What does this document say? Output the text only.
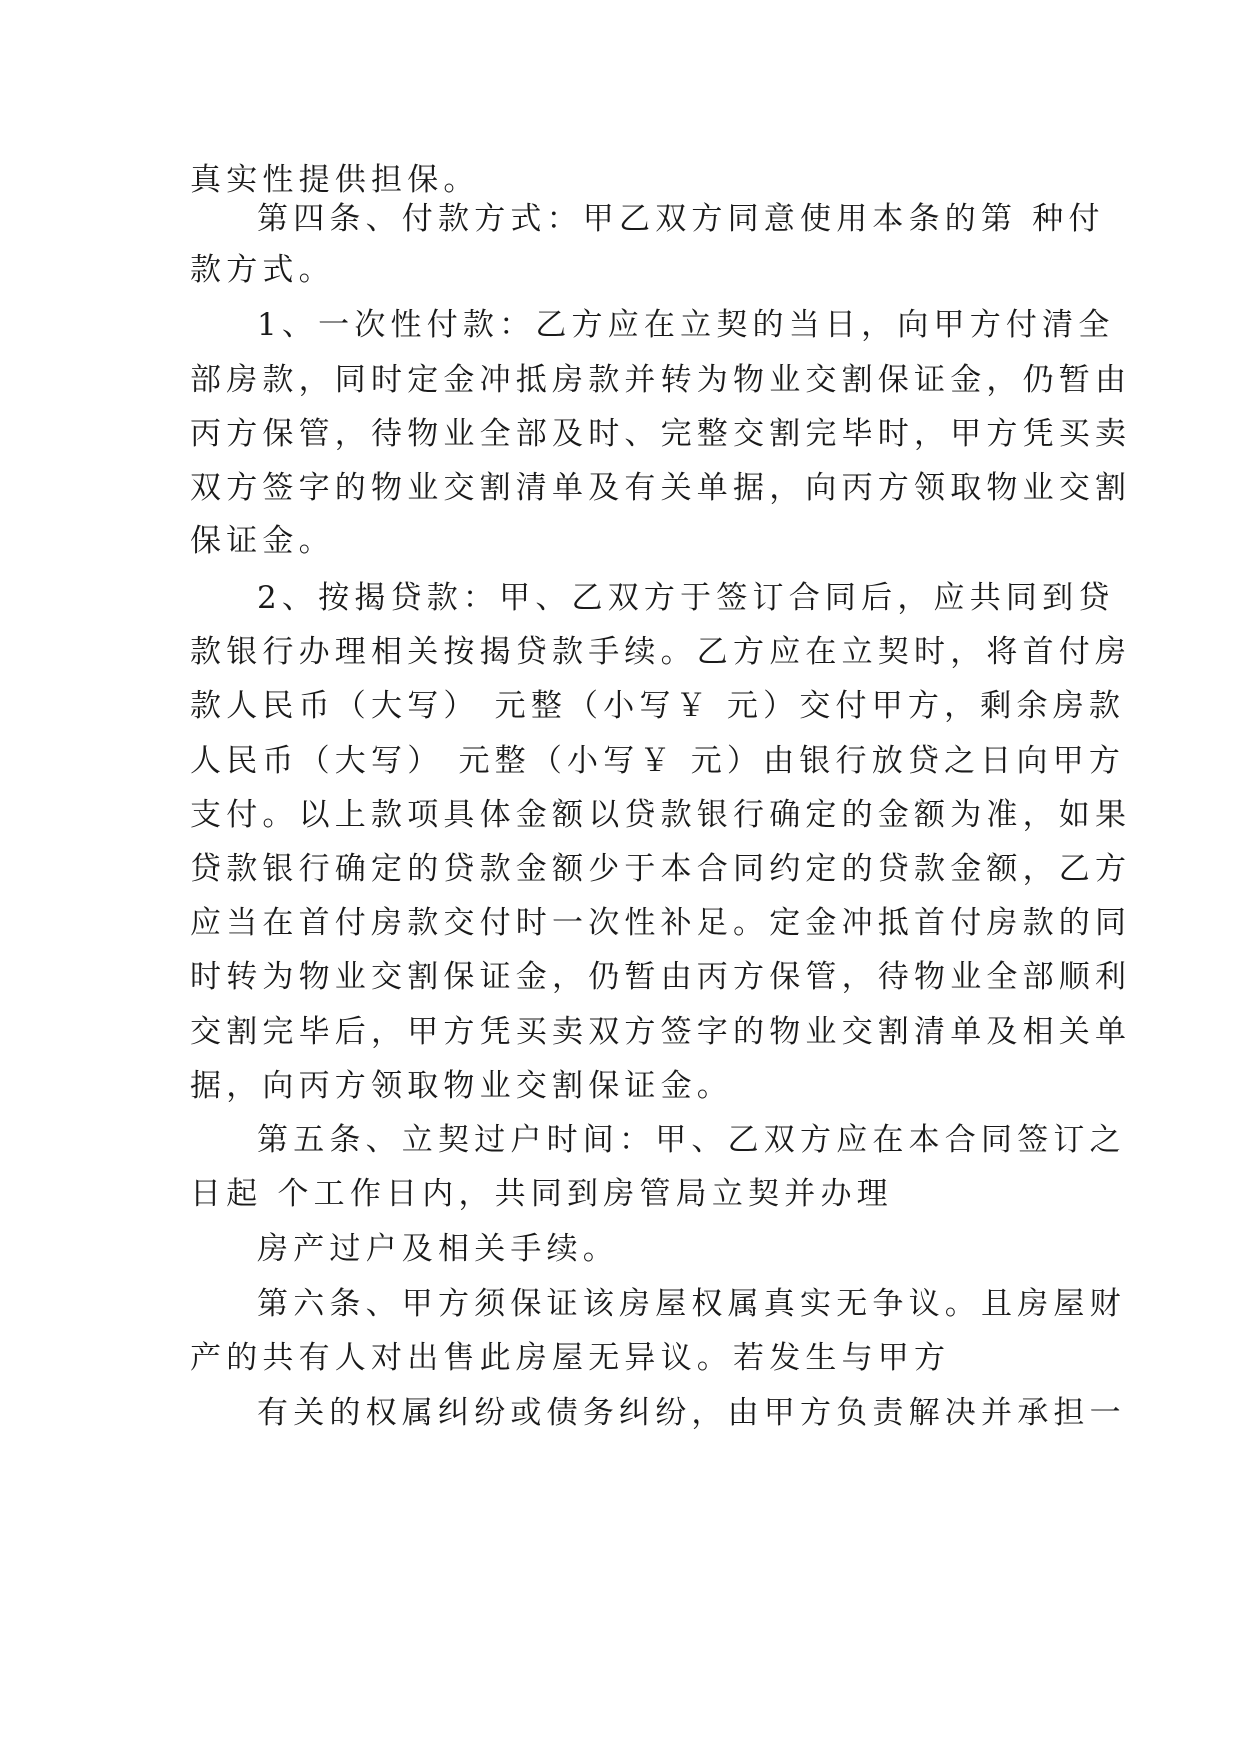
真实性提供担保。
第四条、付款方式：甲乙双方同意使用本条的第 种付
款方式。
1、一次性付款：乙方应在立契的当日，向甲方付清全
部房款，同时定金冲抵房款并转为物业交割保证金，仍暂由
丙方保管，待物业全部及时、完整交割完毕时，甲方凭买卖
双方签字的物业交割清单及有关单据，向丙方领取物业交割
保证金。
2、按揭贷款：甲、乙双方于签订合同后，应共同到贷
款银行办理相关按揭贷款手续。乙方应在立契时，将首付房
款人民币（大写） 元整（小写￥ 元）交付甲方，剩余房款
人民币（大写） 元整（小写￥ 元）由银行放贷之日向甲方
支付。以上款项具体金额以贷款银行确定的金额为准，如果
贷款银行确定的贷款金额少于本合同约定的贷款金额，乙方
应当在首付房款交付时一次性补足。定金冲抵首付房款的同
时转为物业交割保证金，仍暂由丙方保管，待物业全部顺利
交割完毕后，甲方凭买卖双方签字的物业交割清单及相关单
据，向丙方领取物业交割保证金。
第五条、立契过户时间：甲、乙双方应在本合同签订之
日起 个工作日内，共同到房管局立契并办理
房产过户及相关手续。
第六条、甲方须保证该房屋权属真实无争议。且房屋财
产的共有人对出售此房屋无异议。若发生与甲方
有关的权属纠纷或债务纠纷，由甲方负责解决并承担一
